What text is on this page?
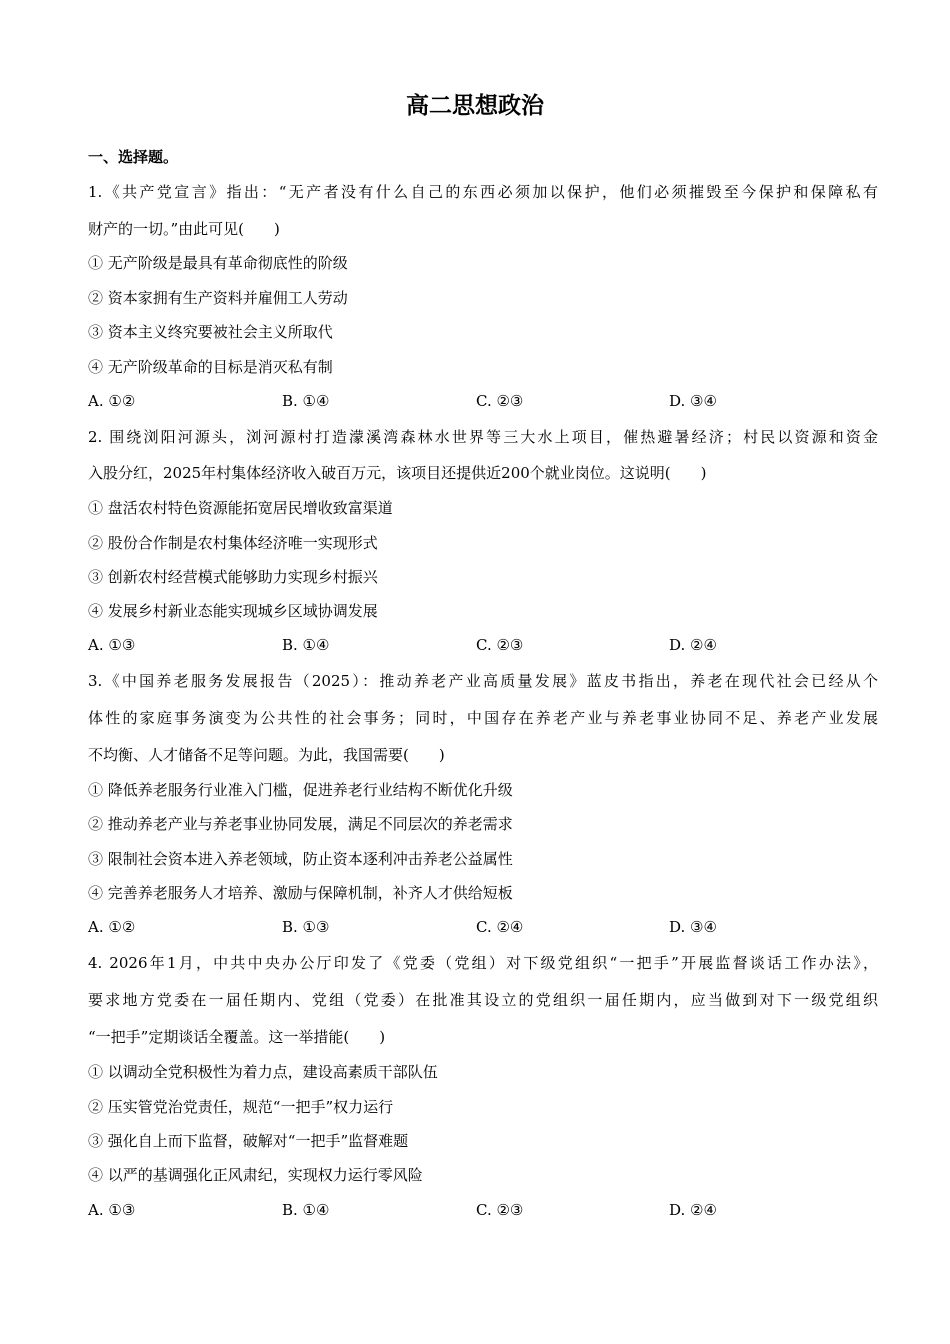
高二思想政治
一、选择题。
1.《共产党宣言》指出：“无产者没有什么自己的东西必须加以保护，他们必须摧毁至今保护和保障私有
财产的一切。”由此可见(　　)
① 无产阶级是最具有革命彻底性的阶级
② 资本家拥有生产资料并雇佣工人劳动
③ 资本主义终究要被社会主义所取代
④ 无产阶级革命的目标是消灭私有制
A. ①②	B. ①④	C. ②③	D. ③④
2. 围绕浏阳河源头，浏河源村打造濛溪湾森林水世界等三大水上项目，催热避暑经济；村民以资源和资金
入股分红，2025年村集体经济收入破百万元，该项目还提供近200个就业岗位。这说明(　　)
① 盘活农村特色资源能拓宽居民增收致富渠道
② 股份合作制是农村集体经济唯一实现形式
③ 创新农村经营模式能够助力实现乡村振兴
④ 发展乡村新业态能实现城乡区域协调发展
A. ①③	B. ①④	C. ②③	D. ②④
3.《中国养老服务发展报告（2025）：推动养老产业高质量发展》蓝皮书指出，养老在现代社会已经从个
体性的家庭事务演变为公共性的社会事务；同时，中国存在养老产业与养老事业协同不足、养老产业发展
不均衡、人才储备不足等问题。为此，我国需要(　　)
① 降低养老服务行业准入门槛，促进养老行业结构不断优化升级
② 推动养老产业与养老事业协同发展，满足不同层次的养老需求
③ 限制社会资本进入养老领域，防止资本逐利冲击养老公益属性
④ 完善养老服务人才培养、激励与保障机制，补齐人才供给短板
A. ①②	B. ①③	C. ②④	D. ③④
4. 2026年1月，中共中央办公厅印发了《党委（党组）对下级党组织“一把手”开展监督谈话工作办法》，
要求地方党委在一届任期内、党组（党委）在批准其设立的党组织一届任期内，应当做到对下一级党组织
“一把手”定期谈话全覆盖。这一举措能(　　)
① 以调动全党积极性为着力点，建设高素质干部队伍
② 压实管党治党责任，规范“一把手”权力运行
③ 强化自上而下监督，破解对“一把手”监督难题
④ 以严的基调强化正风肃纪，实现权力运行零风险
A. ①③	B. ①④	C. ②③	D. ②④
